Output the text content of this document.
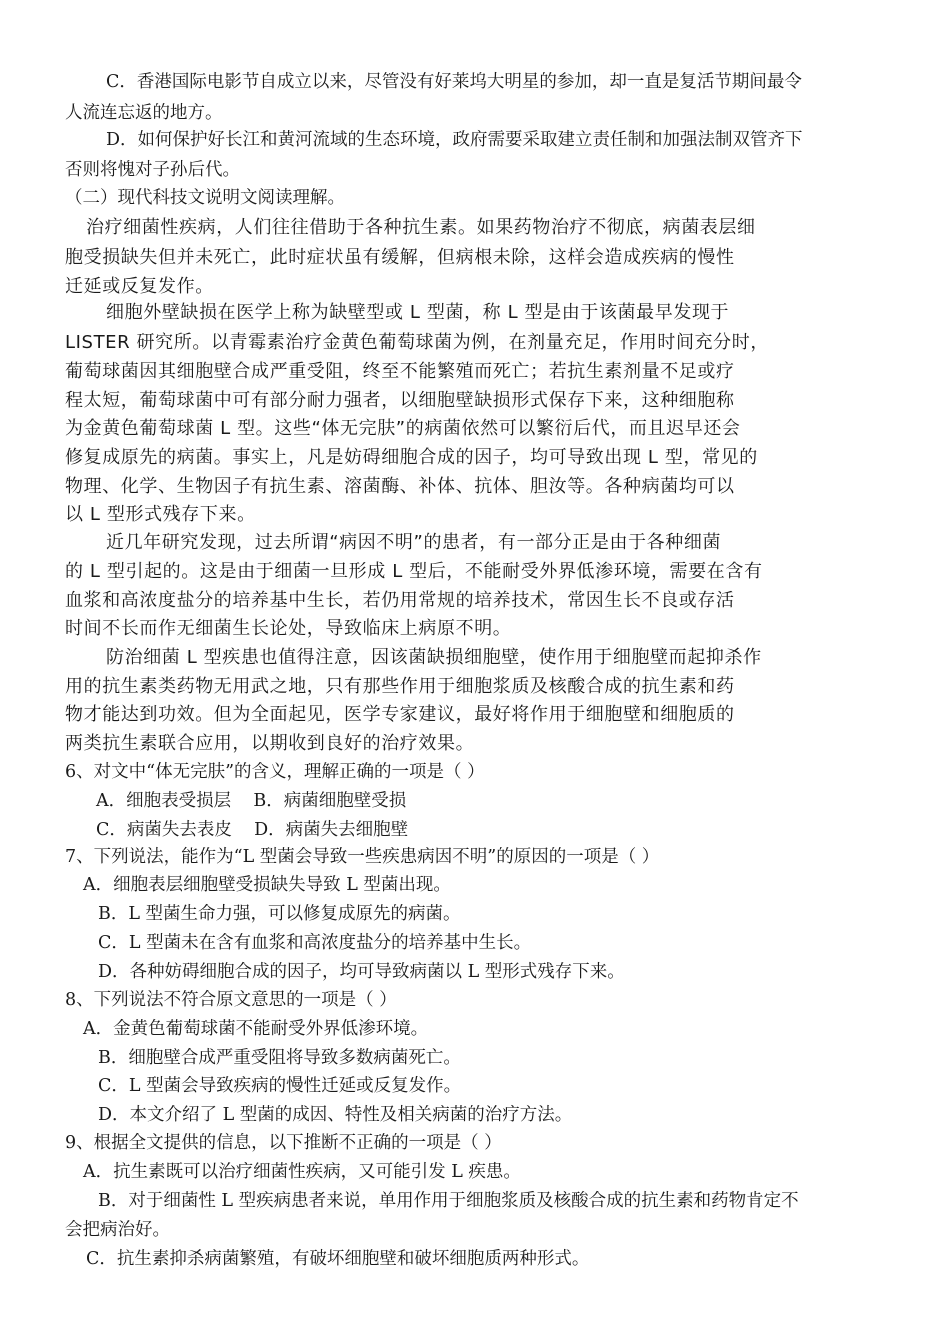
C．香港国际电影节自成立以来，尽管没有好莱坞大明星的参加，却一直是复活节期间最令
人流连忘返的地方。
D．如何保护好长江和黄河流域的生态环境，政府需要采取建立责任制和加强法制双管齐下
否则将愧对子孙后代。
（二）现代科技文说明文阅读理解。
治疗细菌性疾病，人们往往借助于各种抗生素。如果药物治疗不彻底，病菌表层细
胞受损缺失但并未死亡，此时症状虽有缓解，但病根未除，这样会造成疾病的慢性
迁延或反复发作。
细胞外壁缺损在医学上称为缺壁型或 L 型菌，称 L 型是由于该菌最早发现于
LISTER 研究所。以青霉素治疗金黄色葡萄球菌为例，在剂量充足，作用时间充分时，
葡萄球菌因其细胞壁合成严重受阻，终至不能繁殖而死亡；若抗生素剂量不足或疗
程太短，葡萄球菌中可有部分耐力强者，以细胞壁缺损形式保存下来，这种细胞称
为金黄色葡萄球菌 L 型。这些“体无完肤”的病菌依然可以繁衍后代，而且迟早还会
修复成原先的病菌。事实上，凡是妨碍细胞合成的因子，均可导致出现 L 型，常见的
物理、化学、生物因子有抗生素、溶菌酶、补体、抗体、胆汝等。各种病菌均可以
以 L 型形式残存下来。
近几年研究发现，过去所谓“病因不明”的患者，有一部分正是由于各种细菌
的 L 型引起的。这是由于细菌一旦形成 L 型后，不能耐受外界低渗环境，需要在含有
血浆和高浓度盐分的培养基中生长，若仍用常规的培养技术，常因生长不良或存活
时间不长而作无细菌生长论处，导致临床上病原不明。
防治细菌 L 型疾患也值得注意，因该菌缺损细胞壁，使作用于细胞壁而起抑杀作
用的抗生素类药物无用武之地，只有那些作用于细胞浆质及核酸合成的抗生素和药
物才能达到功效。但为全面起见，医学专家建议，最好将作用于细胞壁和细胞质的
两类抗生素联合应用，以期收到良好的治疗效果。
6、对文中“体无完肤”的含义，理解正确的一项是（ ）
A．细胞表受损层    B．病菌细胞壁受损
C．病菌失去表皮    D．病菌失去细胞壁
7、下列说法，能作为“L 型菌会导致一些疾患病因不明”的原因的一项是（ ）
A．细胞表层细胞壁受损缺失导致 L 型菌出现。
B．L 型菌生命力强，可以修复成原先的病菌。
C．L 型菌未在含有血浆和高浓度盐分的培养基中生长。
D．各种妨碍细胞合成的因子，均可导致病菌以 L 型形式残存下来。
8、下列说法不符合原文意思的一项是（ ）
A．金黄色葡萄球菌不能耐受外界低渗环境。
B．细胞壁合成严重受阻将导致多数病菌死亡。
C．L 型菌会导致疾病的慢性迁延或反复发作。
D．本文介绍了 L 型菌的成因、特性及相关病菌的治疗方法。
9、根据全文提供的信息，以下推断不正确的一项是（ ）
A．抗生素既可以治疗细菌性疾病，又可能引发 L 疾患。
B．对于细菌性 L 型疾病患者来说，单用作用于细胞浆质及核酸合成的抗生素和药物肯定不
会把病治好。
C．抗生素抑杀病菌繁殖，有破坏细胞壁和破坏细胞质两种形式。
